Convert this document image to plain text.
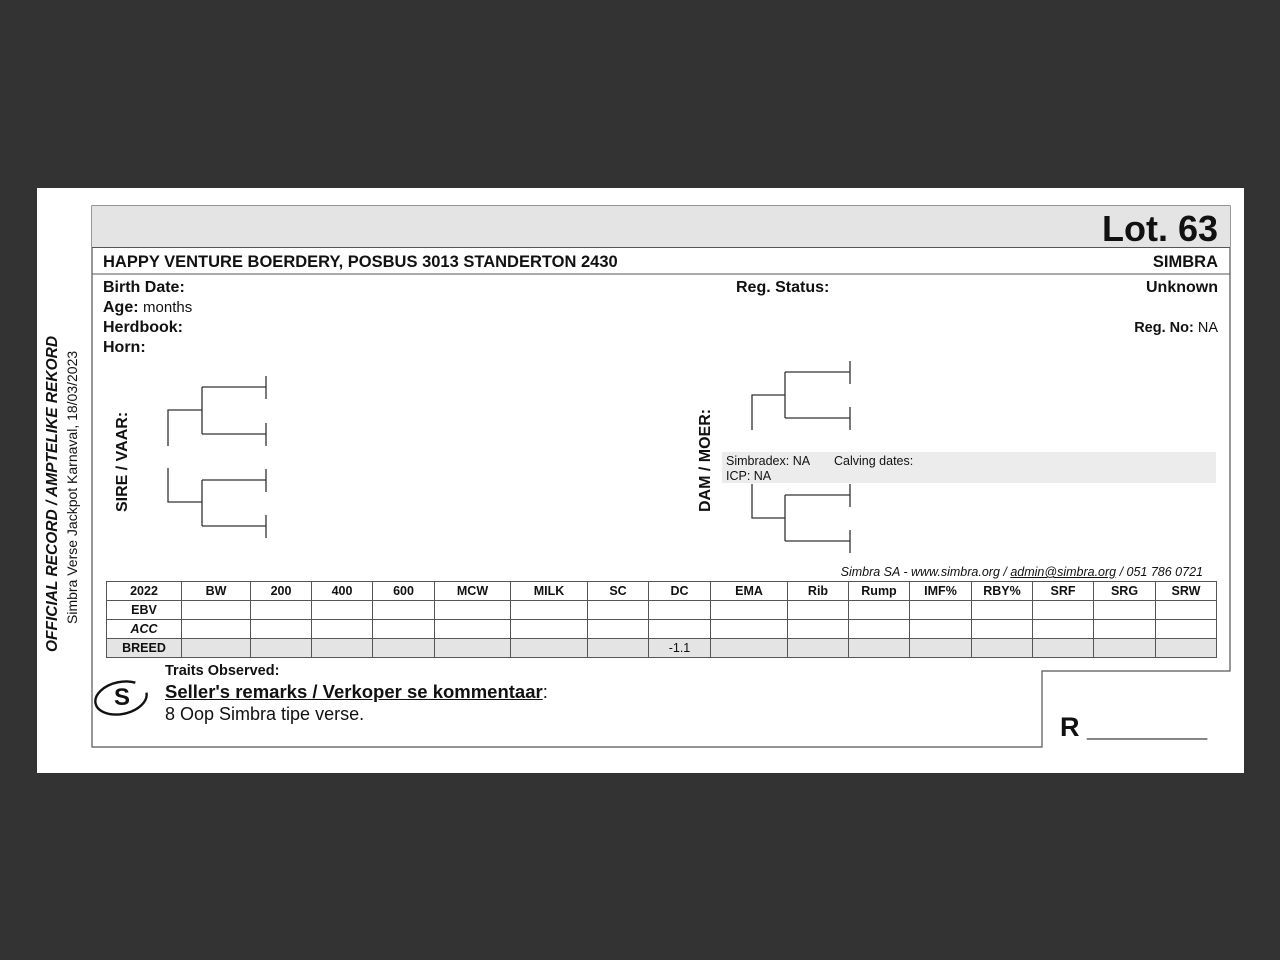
OFFICIAL RECORD / AMPTELIKE REKORD Simbra Verse Jackpot Karnaval, 18/03/2023
Lot. 63
HAPPY VENTURE BOERDERY, POSBUS 3013 STANDERTON 2430	SIMBRA
Birth Date:
Age: months
Herdbook:
Horn:
Reg. Status:	Unknown
Reg. No: NA
SIRE / VAAR:	DAM / MOER: Simbradex: NA Calving dates:
ICP: NA
Simbra SA - www.simbra.org / admin@simbra.org / 051 786 0721
2022	BW	200	400	600	MCW	MILK	SC	DC	EMA	Rib	Rump	IMF%	RBY%	SRF	SRG	SRW
EBV																
ACC																
BREED								-1.1								
S
Traits Observed:
Seller's remarks / Verkoper se kommentaar:
8 Oop Simbra tipe verse.	R ________
